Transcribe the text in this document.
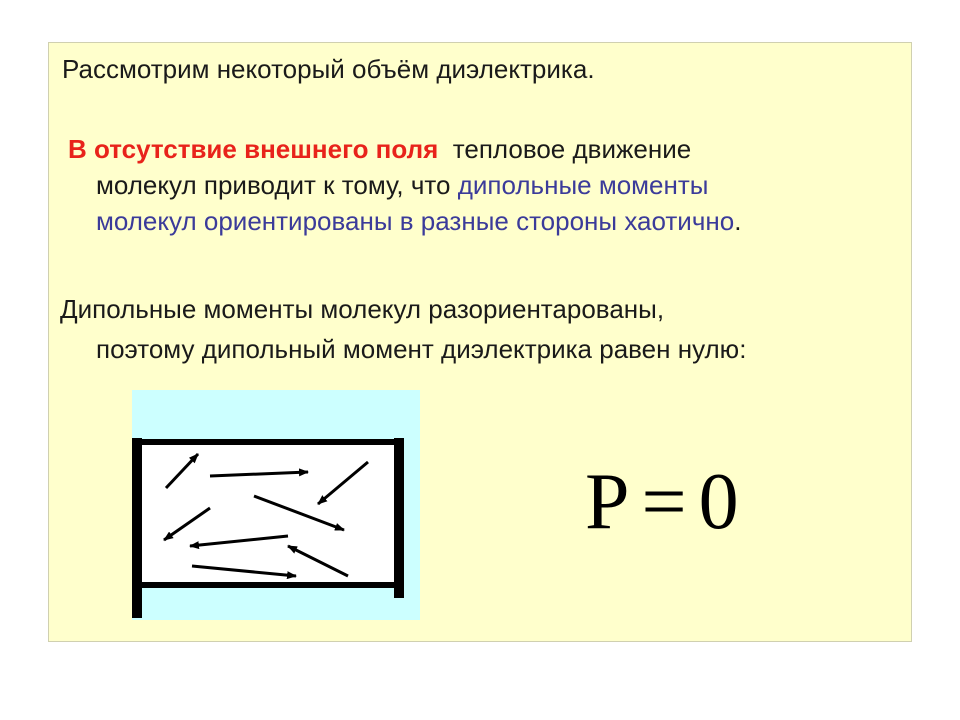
Рассмотрим некоторый объём диэлектрика.
В отсутствие внешнего поля  тепловое движение
молекул приводит к тому, что дипольные моменты
молекул ориентированы в разные стороны хаотично.
Дипольные моменты молекул разориентарованы,
поэтому дипольный момент диэлектрика равен нулю:
P = 0
